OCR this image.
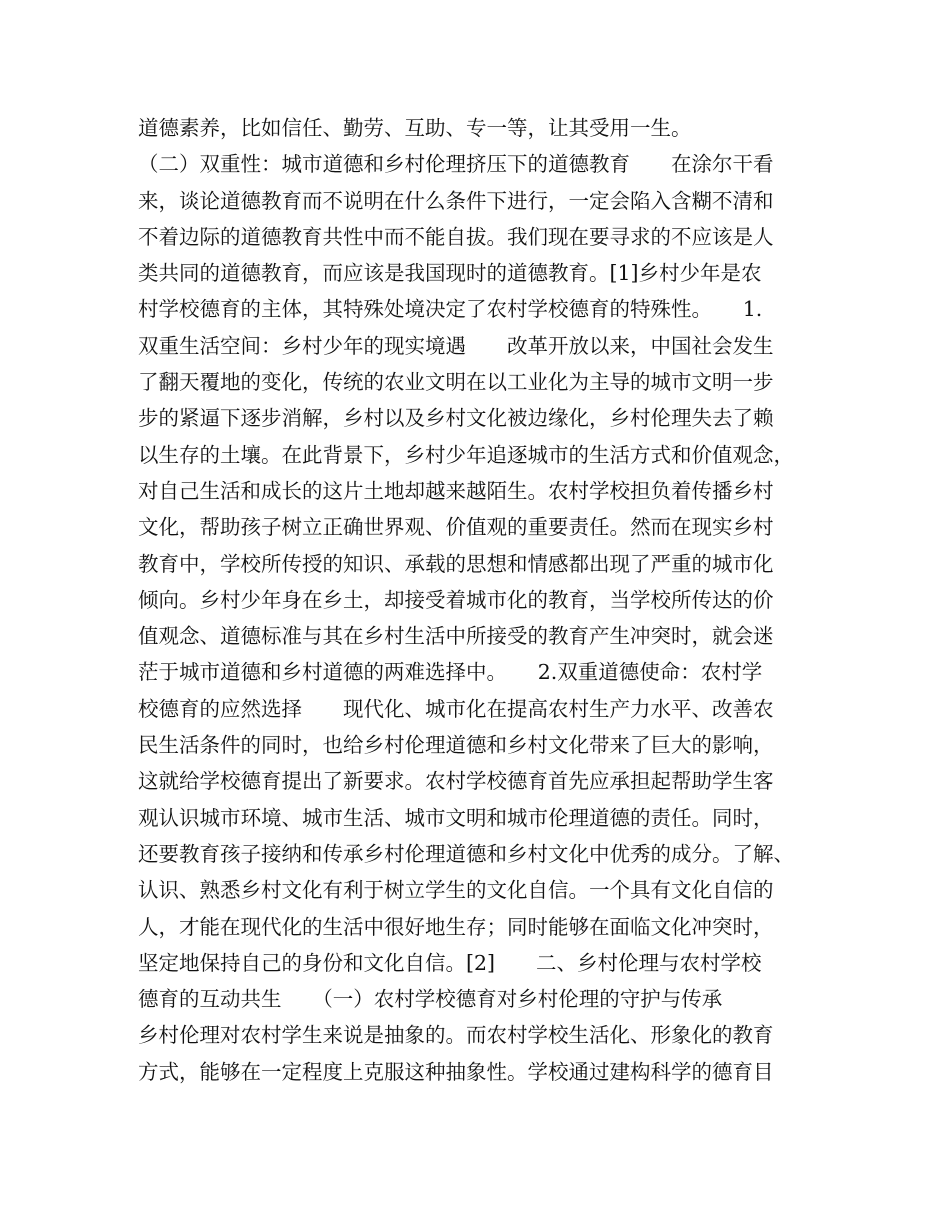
道德素养，比如信任、勤劳、互助、专一等，让其受用一生。
（二）双重性：城市道德和乡村伦理挤压下的道德教育　　在涂尔干看
来，谈论道德教育而不说明在什么条件下进行，一定会陷入含糊不清和
不着边际的道德教育共性中而不能自拔。我们现在要寻求的不应该是人
类共同的道德教育，而应该是我国现时的道德教育。[1]乡村少年是农
村学校德育的主体，其特殊处境决定了农村学校德育的特殊性。　　1.
双重生活空间：乡村少年的现实境遇　　改革开放以来，中国社会发生
了翻天覆地的变化，传统的农业文明在以工业化为主导的城市文明一步
步的紧逼下逐步消解，乡村以及乡村文化被边缘化，乡村伦理失去了赖
以生存的土壤。在此背景下，乡村少年追逐城市的生活方式和价值观念，
对自己生活和成长的这片土地却越来越陌生。农村学校担负着传播乡村
文化，帮助孩子树立正确世界观、价值观的重要责任。然而在现实乡村
教育中，学校所传授的知识、承载的思想和情感都出现了严重的城市化
倾向。乡村少年身在乡土，却接受着城市化的教育，当学校所传达的价
值观念、道德标准与其在乡村生活中所接受的教育产生冲突时，就会迷
茫于城市道德和乡村道德的两难选择中。　　2.双重道德使命：农村学
校德育的应然选择　　现代化、城市化在提高农村生产力水平、改善农
民生活条件的同时，也给乡村伦理道德和乡村文化带来了巨大的影响，
这就给学校德育提出了新要求。农村学校德育首先应承担起帮助学生客
观认识城市环境、城市生活、城市文明和城市伦理道德的责任。同时，
还要教育孩子接纳和传承乡村伦理道德和乡村文化中优秀的成分。了解、
认识、熟悉乡村文化有利于树立学生的文化自信。一个具有文化自信的
人，才能在现代化的生活中很好地生存；同时能够在面临文化冲突时，
坚定地保持自己的身份和文化自信。[2]　　二、乡村伦理与农村学校
德育的互动共生　　（一）农村学校德育对乡村伦理的守护与传承　　
乡村伦理对农村学生来说是抽象的。而农村学校生活化、形象化的教育
方式，能够在一定程度上克服这种抽象性。学校通过建构科学的德育目
